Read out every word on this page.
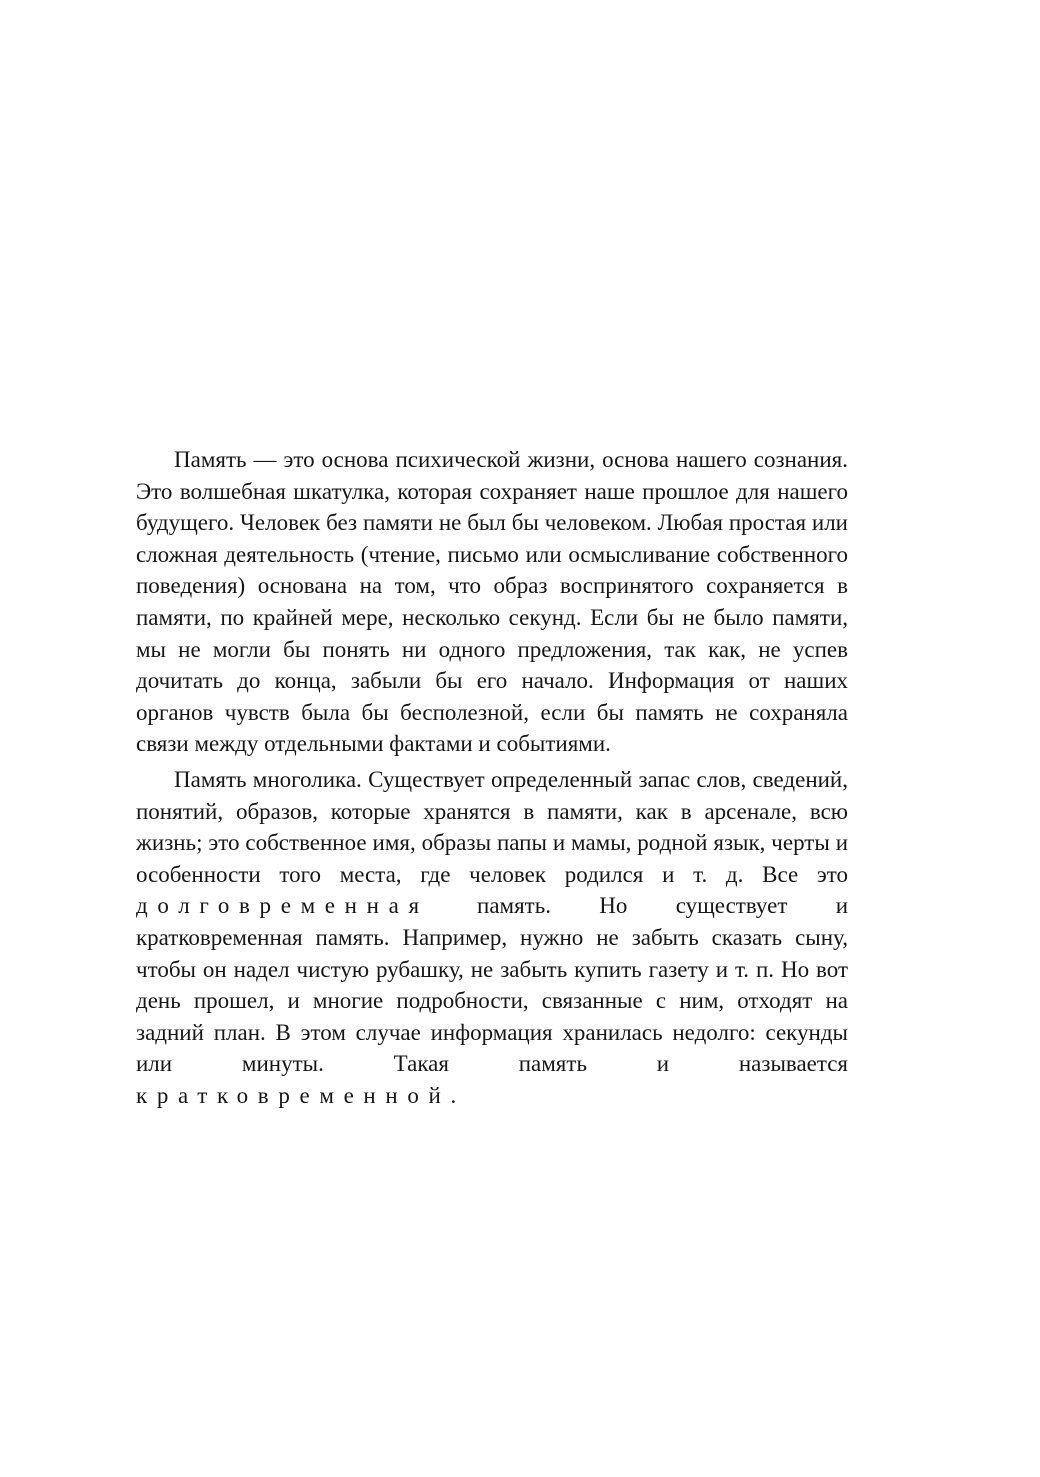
Память — это основа психической жизни, основа нашего сознания. Это волшебная шкатулка, которая сохраняет наше прошлое для нашего будущего. Человек без памяти не был бы человеком. Любая простая или сложная деятельность (чтение, письмо или осмысливание собственного поведения) основана на том, что образ воспринятого сохраняется в памяти, по крайней мере, несколько секунд. Если бы не было памяти, мы не могли бы понять ни одного предложения, так как, не успев дочитать до конца, забыли бы его начало. Информация от наших органов чувств была бы бесполезной, если бы память не сохраняла связи между отдельными фактами и событиями.

Память многолика. Существует определенный запас слов, сведений, понятий, образов, которые хранятся в памяти, как в арсенале, всю жизнь; это собственное имя, образы папы и мамы, родной язык, черты и особенности того места, где человек родился и т. д. Все это долговременная память. Но существует и кратковременная память. Например, нужно не забыть сказать сыну, чтобы он надел чистую рубашку, не забыть купить газету и т. п. Но вот день прошел, и многие подробности, связанные с ним, отходят на задний план. В этом случае информация хранилась недолго: секунды или минуты. Такая память и называется кратковременной.
